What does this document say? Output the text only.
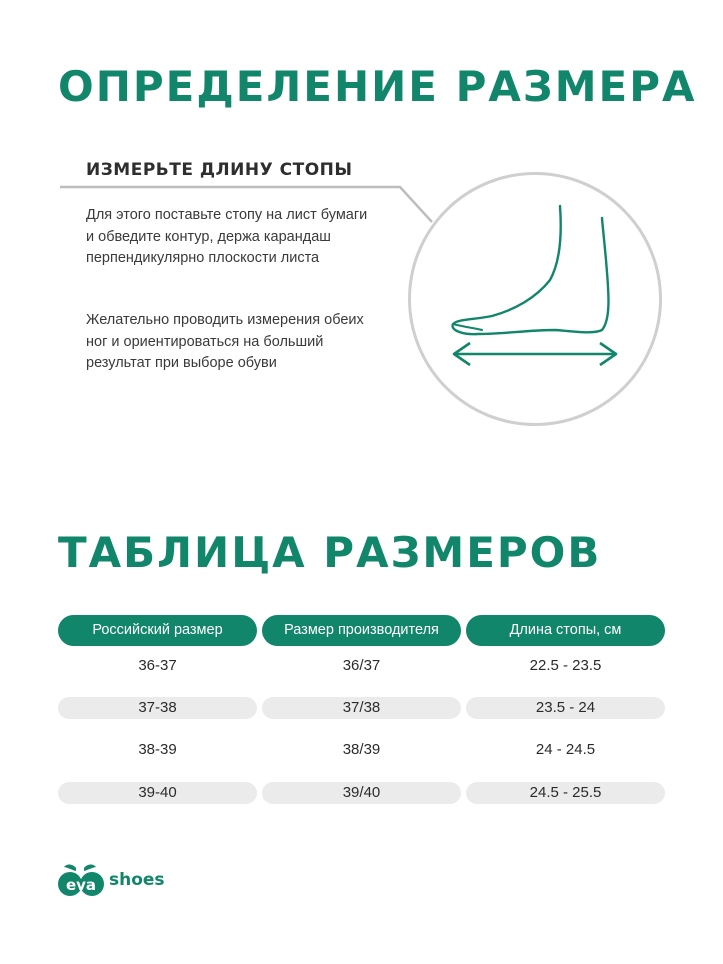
ОПРЕДЕЛЕНИЕ РАЗМЕРА
ИЗМЕРЬТЕ ДЛИНУ СТОПЫ

Для этого поставьте стопу на лист бумаги и обведите контур, держа карандаш перпендикулярно плоскости листа

Желательно проводить измерения обеих ног и ориентироваться на больший результат при выборе обуви

ТАБЛИЦА РАЗМЕРОВ
Российский размер	Размер производителя	Длина стопы, см
36-37	36/37	22.5 - 23.5
37-38	37/38	23.5 - 24
38-39	38/39	24 - 24.5
39-40	39/40	24.5 - 25.5
eva shoes
